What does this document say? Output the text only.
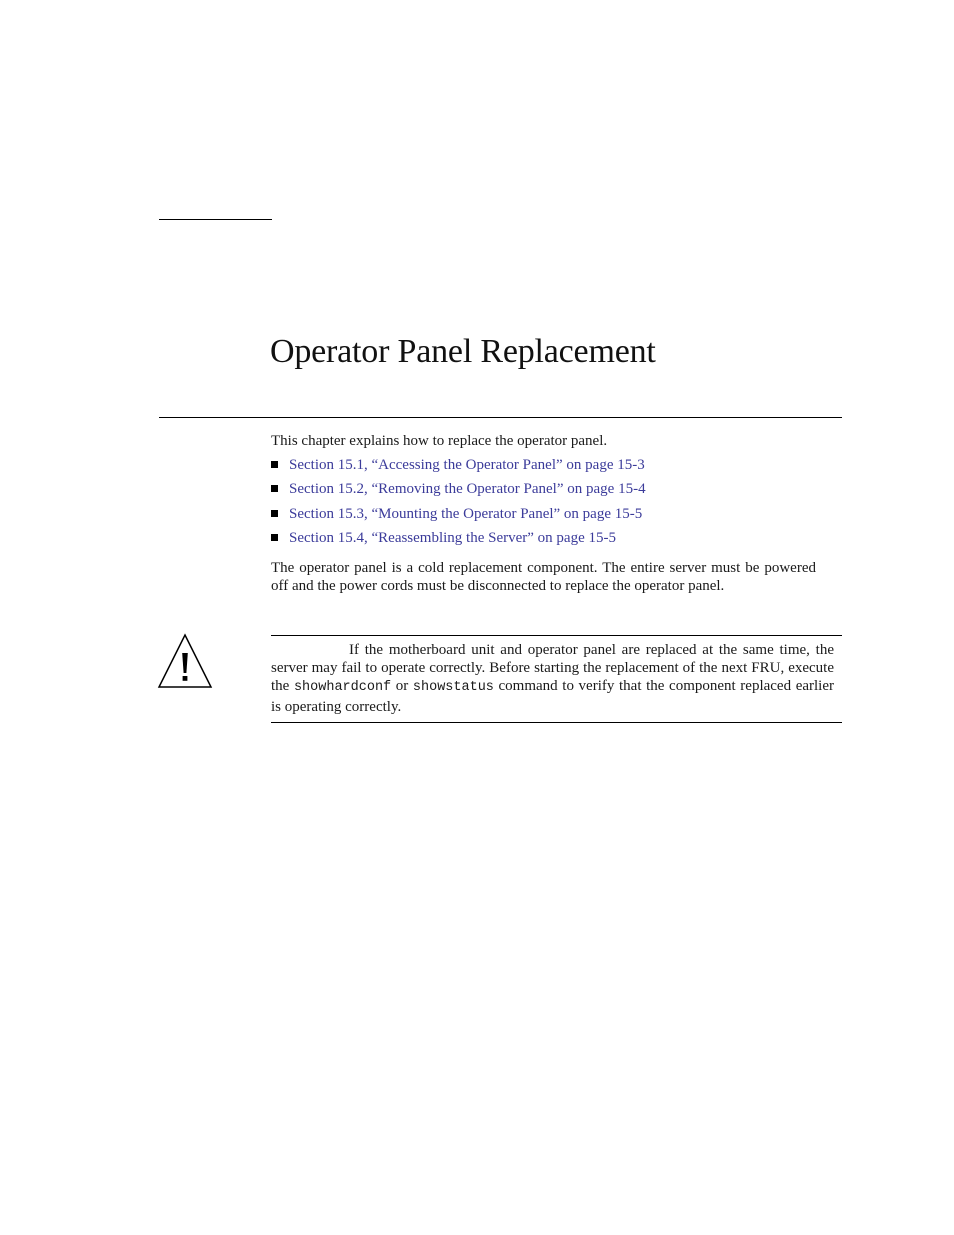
Operator Panel Replacement

This chapter explains how to replace the operator panel.

Section 15.1, “Accessing the Operator Panel” on page 15-3
Section 15.2, “Removing the Operator Panel” on page 15-4
Section 15.3, “Mounting the Operator Panel” on page 15-5
Section 15.4, “Reassembling the Server” on page 15-5

The operator panel is a cold replacement component. The entire server must be powered off and the power cords must be disconnected to replace the operator panel.

If the motherboard unit and operator panel are replaced at the same time, the server may fail to operate correctly. Before starting the replacement of the next FRU, execute the showhardconf or showstatus command to verify that the component replaced earlier is operating correctly.
